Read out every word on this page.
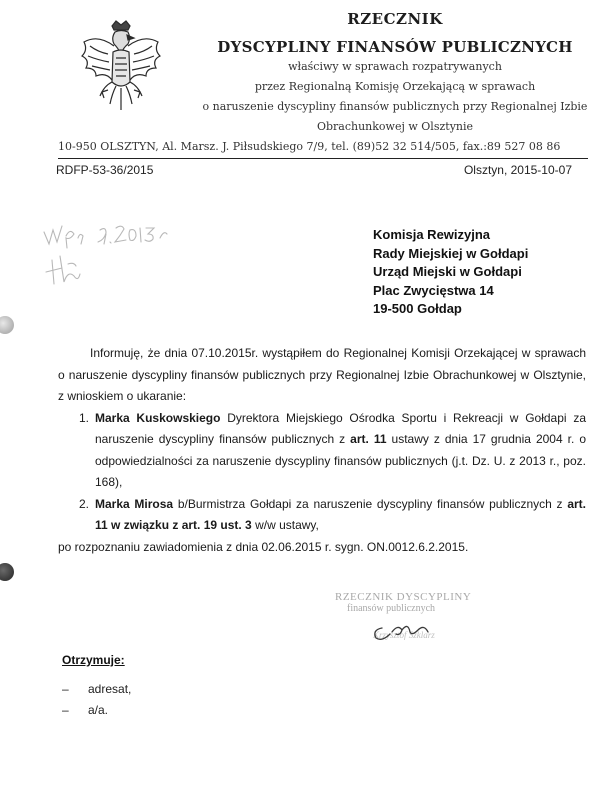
RZECZNIK
DYSCYPLINY FINANSÓW PUBLICZNYCH
właściwy w sprawach rozpatrywanych
przez Regionalną Komisję Orzekającą w sprawach
o naruszenie dyscypliny finansów publicznych przy Regionalnej Izbie
Obrachunkowej w Olsztynie
10-950 OLSZTYN, Al. Marsz. J. Piłsudskiego 7/9, tel. (89)52 32 514/505, fax.:89 527 08 86
RDFP-53-36/2015	Olsztyn, 2015-10-07
Komisja Rewizyjna
Rady Miejskiej w Gołdapi
Urząd Miejski w Gołdapi
Plac Zwycięstwa 14
19-500 Gołdap
Informuję, że dnia 07.10.2015r. wystąpiłem do Regionalnej Komisji Orzekającej w sprawach o naruszenie dyscypliny finansów publicznych przy Regionalnej Izbie Obrachunkowej w Olsztynie, z wnioskiem o ukaranie:
1. Marka Kuskowskiego Dyrektora Miejskiego Ośrodka Sportu i Rekreacji w Gołdapi za naruszenie dyscypliny finansów publicznych z art. 11 ustawy z dnia 17 grudnia 2004 r. o odpowiedzialności za naruszenie dyscypliny finansów publicznych (j.t. Dz. U. z 2013 r., poz. 168),
2. Marka Mirosa b/Burmistrza Gołdapi za naruszenie dyscypliny finansów publicznych z art. 11 w związku z art. 19 ust. 3 w/w ustawy,
po rozpoznaniu zawiadomienia z dnia 02.06.2015 r. sygn. ON.0012.6.2.2015.
RZECZNIK DYSCYPLINY
finansów publicznych
Krzysztof Szklarz
Otrzymuje:
– adresat,
– a/a.
